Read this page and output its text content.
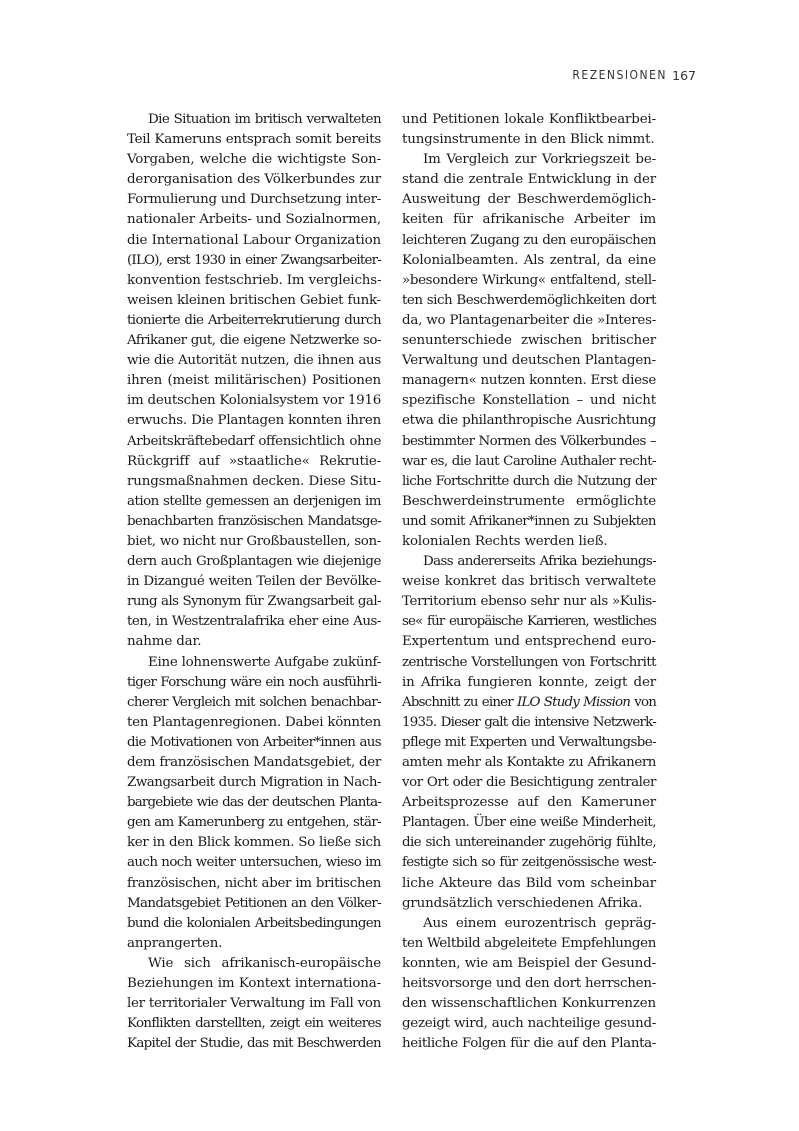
REZENSIONEN 167
Die Situation im britisch verwalteten
Teil Kameruns entsprach somit bereits
Vorgaben, welche die wichtigste Son-
derorganisation des Völkerbundes zur
Formulierung und Durchsetzung inter-
nationaler Arbeits- und Sozialnormen,
die International Labour Organization
(ILO), erst 1930 in einer Zwangsarbeiter-
konvention festschrieb. Im vergleichs-
weisen kleinen britischen Gebiet funk-
tionierte die Arbeiterrekrutierung durch
Afrikaner gut, die eigene Netzwerke so-
wie die Autorität nutzen, die ihnen aus
ihren (meist militärischen) Positionen
im deutschen Kolonialsystem vor 1916
erwuchs. Die Plantagen konnten ihren
Arbeitskräftebedarf offensichtlich ohne
Rückgriff auf »staatliche« Rekrutie-
rungsmaßnahmen decken. Diese Situ-
ation stellte gemessen an derjenigen im
benachbarten französischen Mandatsge-
biet, wo nicht nur Großbaustellen, son-
dern auch Großplantagen wie diejenige
in Dizangué weiten Teilen der Bevölke-
rung als Synonym für Zwangsarbeit gal-
ten, in Westzentralafrika eher eine Aus-
nahme dar.
Eine lohnenswerte Aufgabe zukünf-
tiger Forschung wäre ein noch ausführli-
cherer Vergleich mit solchen benachbar-
ten Plantagenregionen. Dabei könnten
die Motivationen von Arbeiter*innen aus
dem französischen Mandatsgebiet, der
Zwangsarbeit durch Migration in Nach-
bargebiete wie das der deutschen Planta-
gen am Kamerunberg zu entgehen, stär-
ker in den Blick kommen. So ließe sich
auch noch weiter untersuchen, wieso im
französischen, nicht aber im britischen
Mandatsgebiet Petitionen an den Völker-
bund die kolonialen Arbeitsbedingungen
anprangerten.
Wie sich afrikanisch-europäische
Beziehungen im Kontext internationa-
ler territorialer Verwaltung im Fall von
Konflikten darstellten, zeigt ein weiteres
Kapitel der Studie, das mit Beschwerden
und Petitionen lokale Konfliktbearbei-
tungsinstrumente in den Blick nimmt.
Im Vergleich zur Vorkriegszeit be-
stand die zentrale Entwicklung in der
Ausweitung der Beschwerdemöglich-
keiten für afrikanische Arbeiter im
leichteren Zugang zu den europäischen
Kolonialbeamten. Als zentral, da eine
»besondere Wirkung« entfaltend, stell-
ten sich Beschwerdemöglichkeiten dort
da, wo Plantagenarbeiter die »Interes-
senunterschiede zwischen britischer
Verwaltung und deutschen Plantagen-
managern« nutzen konnten. Erst diese
spezifische Konstellation – und nicht
etwa die philanthropische Ausrichtung
bestimmter Normen des Völkerbundes –
war es, die laut Caroline Authaler recht-
liche Fortschritte durch die Nutzung der
Beschwerdeinstrumente ermöglichte
und somit Afrikaner*innen zu Subjekten
kolonialen Rechts werden ließ.
Dass andererseits Afrika beziehungs-
weise konkret das britisch verwaltete
Territorium ebenso sehr nur als »Kulis-
se« für europäische Karrieren, westliches
Expertentum und entsprechend euro-
zentrische Vorstellungen von Fortschritt
in Afrika fungieren konnte, zeigt der
Abschnitt zu einer ILO Study Mission von
1935. Dieser galt die intensive Netzwerk-
pflege mit Experten und Verwaltungsbe-
amten mehr als Kontakte zu Afrikanern
vor Ort oder die Besichtigung zentraler
Arbeitsprozesse auf den Kameruner
Plantagen. Über eine weiße Minderheit,
die sich untereinander zugehörig fühlte,
festigte sich so für zeitgenössische west-
liche Akteure das Bild vom scheinbar
grundsätzlich verschiedenen Afrika.
Aus einem eurozentrisch gepräg-
ten Weltbild abgeleitete Empfehlungen
konnten, wie am Beispiel der Gesund-
heitsvorsorge und den dort herrschen-
den wissenschaftlichen Konkurrenzen
gezeigt wird, auch nachteilige gesund-
heitliche Folgen für die auf den Planta-
